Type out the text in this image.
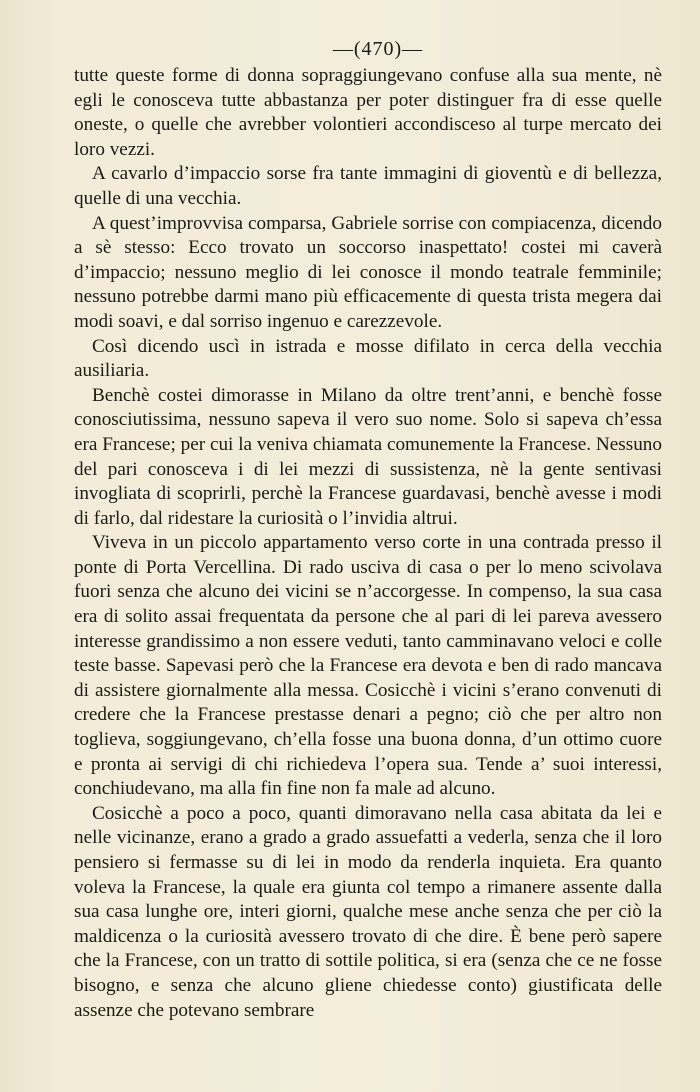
—(470)—

tutte queste forme di donna sopraggiungevano confuse alla sua mente, nè egli le conosceva tutte abbastanza per poter distinguer fra di esse quelle oneste, o quelle che avrebber volontieri accondisceso al turpe mercato dei loro vezzi.

A cavarlo d’impaccio sorse fra tante immagini di gioventù e di bellezza, quelle di una vecchia.

A quest’improvvisa comparsa, Gabriele sorrise con compiacenza, dicendo a sè stesso: Ecco trovato un soccorso inaspettato! costei mi caverà d’impaccio; nessuno meglio di lei conosce il mondo teatrale femminile; nessuno potrebbe darmi mano più efficacemente di questa trista megera dai modi soavi, e dal sorriso ingenuo e carezzevole.

Così dicendo uscì in istrada e mosse difilato in cerca della vecchia ausiliaria.

Benchè costei dimorasse in Milano da oltre trent’anni, e benchè fosse conosciutissima, nessuno sapeva il vero suo nome. Solo si sapeva ch’essa era Francese; per cui la veniva chiamata comunemente la Francese. Nessuno del pari conosceva i di lei mezzi di sussistenza, nè la gente sentivasi invogliata di scoprirli, perchè la Francese guardavasi, benchè avesse i modi di farlo, dal ridestare la curiosità o l’invidia altrui.

Viveva in un piccolo appartamento verso corte in una contrada presso il ponte di Porta Vercellina. Di rado usciva di casa o per lo meno scivolava fuori senza che alcuno dei vicini se n’accorgesse. In compenso, la sua casa era di solito assai frequentata da persone che al pari di lei pareva avessero interesse grandissimo a non essere veduti, tanto camminavano veloci e colle teste basse. Sapevasi però che la Francese era devota e ben di rado mancava di assistere giornalmente alla messa. Cosicchè i vicini s’erano convenuti di credere che la Francese prestasse denari a pegno; ciò che per altro non toglieva, soggiungevano, ch’ella fosse una buona donna, d’un ottimo cuore e pronta ai servigi di chi richiedeva l’opera sua. Tende a’ suoi interessi, conchiudevano, ma alla fin fine non fa male ad alcuno.

Cosicchè a poco a poco, quanti dimoravano nella casa abitata da lei e nelle vicinanze, erano a grado a grado assuefatti a vederla, senza che il loro pensiero si fermasse su di lei in modo da renderla inquieta. Era quanto voleva la Francese, la quale era giunta col tempo a rimanere assente dalla sua casa lunghe ore, interi giorni, qualche mese anche senza che per ciò la maldicenza o la curiosità avessero trovato di che dire. È bene però sapere che la Francese, con un tratto di sottile politica, si era (senza che ce ne fosse bisogno, e senza che alcuno gliene chiedesse conto) giustificata delle assenze che potevano sembrare
